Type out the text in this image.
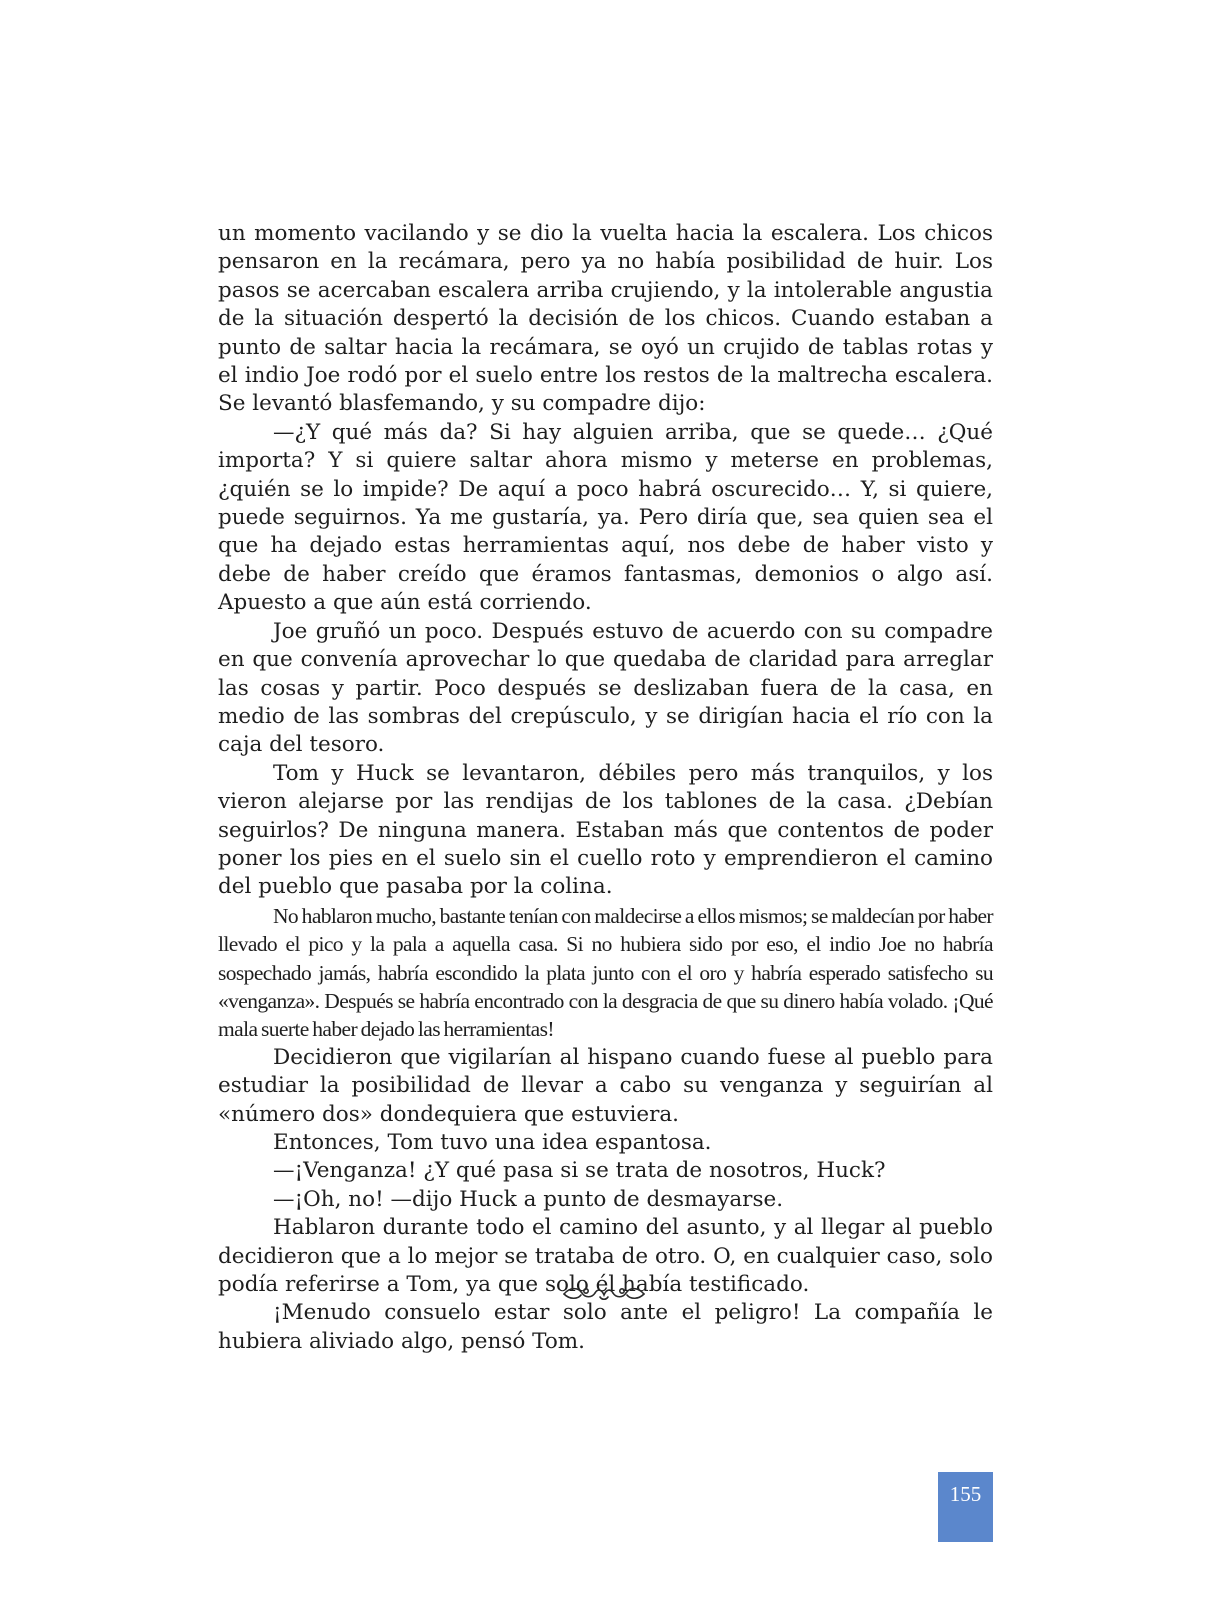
un momento vacilando y se dio la vuelta hacia la escalera. Los chicos pensaron en la recámara, pero ya no había posibilidad de huir. Los pasos se acercaban escalera arriba crujiendo, y la intolerable angustia de la situación despertó la decisión de los chicos. Cuando estaban a punto de saltar hacia la recámara, se oyó un crujido de tablas rotas y el indio Joe rodó por el suelo entre los restos de la maltrecha escalera. Se levantó blasfemando, y su compadre dijo:

—¿Y qué más da? Si hay alguien arriba, que se quede… ¿Qué importa? Y si quiere saltar ahora mismo y meterse en problemas, ¿quién se lo impide? De aquí a poco habrá oscurecido… Y, si quiere, puede seguirnos. Ya me gustaría, ya. Pero diría que, sea quien sea el que ha dejado estas herramientas aquí, nos debe de haber visto y debe de haber creído que éramos fantasmas, demonios o algo así. Apuesto a que aún está corriendo.

Joe gruñó un poco. Después estuvo de acuerdo con su compadre en que convenía aprovechar lo que quedaba de claridad para arreglar las cosas y partir. Poco después se deslizaban fuera de la casa, en medio de las sombras del crepúsculo, y se dirigían hacia el río con la caja del tesoro.

Tom y Huck se levantaron, débiles pero más tranquilos, y los vieron alejarse por las rendijas de los tablones de la casa. ¿Debían seguirlos? De ninguna manera. Estaban más que contentos de poder poner los pies en el suelo sin el cuello roto y emprendieron el camino del pueblo que pasaba por la colina.

No hablaron mucho, bastante tenían con maldecirse a ellos mismos; se maldecían por haber llevado el pico y la pala a aquella casa. Si no hubiera sido por eso, el indio Joe no habría sospechado jamás, habría escondido la plata junto con el oro y habría esperado satisfecho su «venganza». Después se habría encontrado con la desgracia de que su dinero había volado. ¡Qué mala suerte haber dejado las herramientas!

Decidieron que vigilarían al hispano cuando fuese al pueblo para estudiar la posibilidad de llevar a cabo su venganza y seguirían al «número dos» dondequiera que estuviera.

Entonces, Tom tuvo una idea espantosa.

—¡Venganza! ¿Y qué pasa si se trata de nosotros, Huck?

—¡Oh, no! —dijo Huck a punto de desmayarse.

Hablaron durante todo el camino del asunto, y al llegar al pueblo decidieron que a lo mejor se trataba de otro. O, en cualquier caso, solo podía referirse a Tom, ya que solo él había testificado.

¡Menudo consuelo estar solo ante el peligro! La compañía le hubiera aliviado algo, pensó Tom.

155
